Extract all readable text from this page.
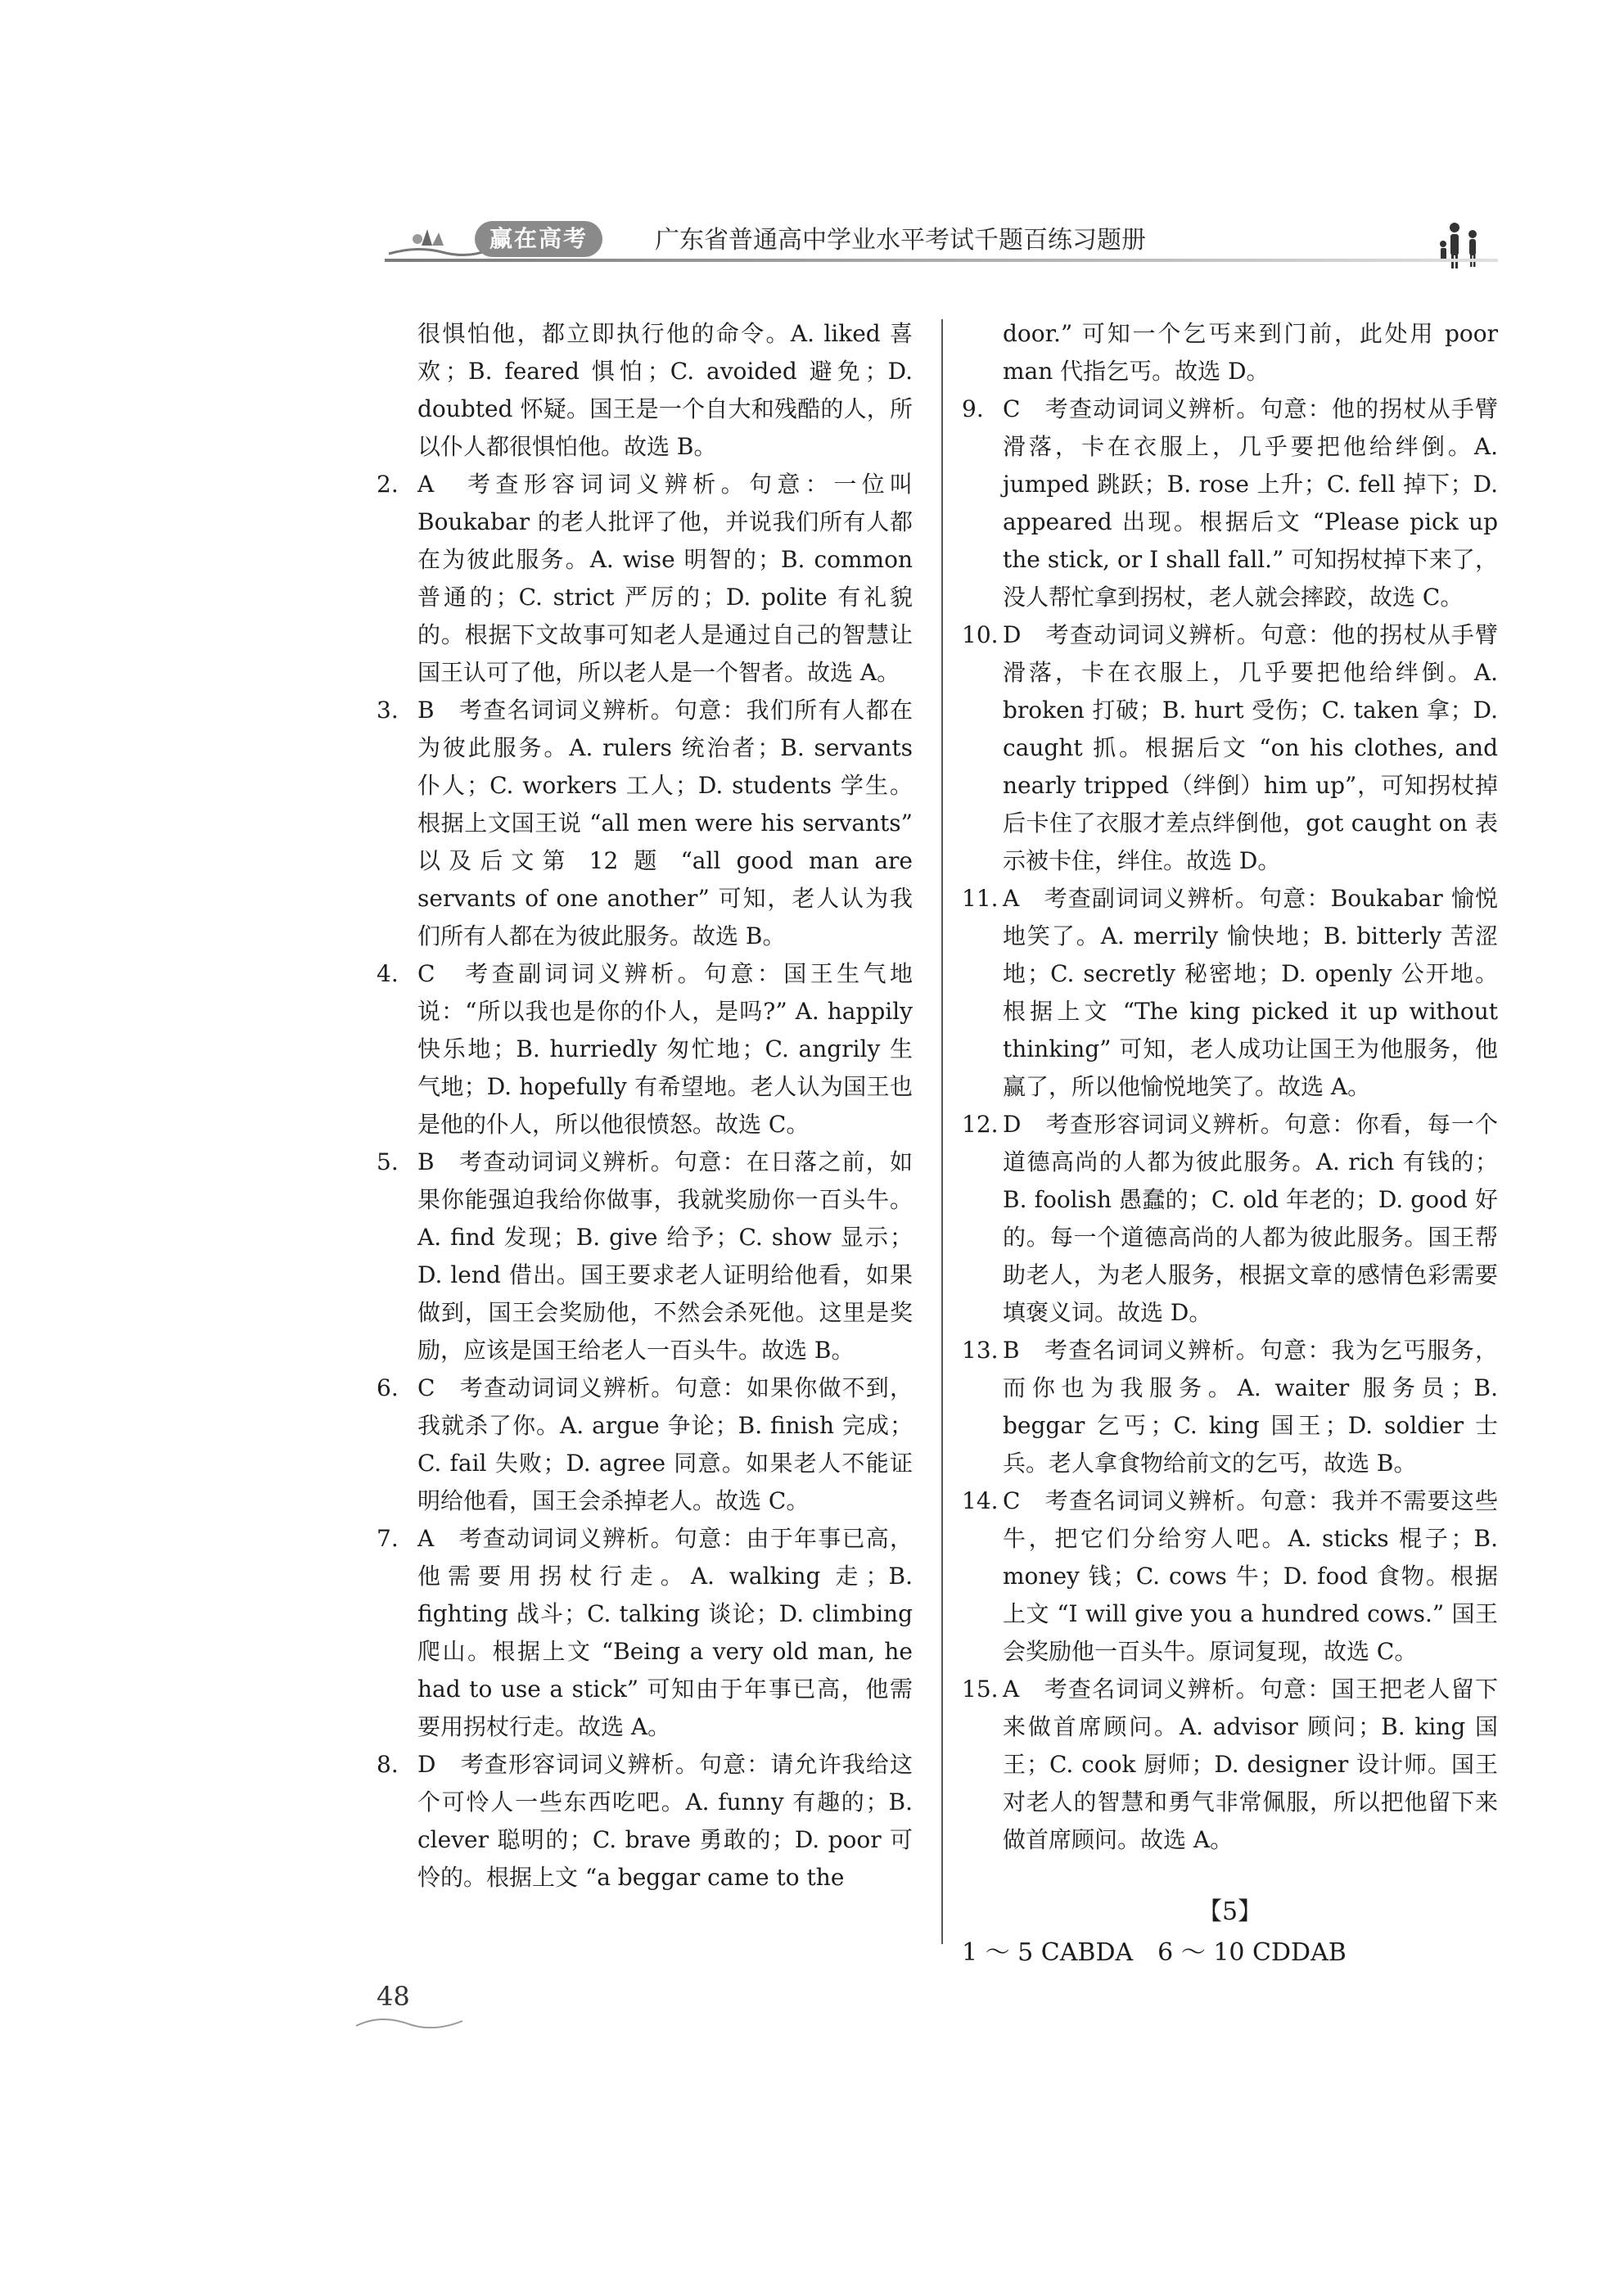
赢在高考	广东省普通高中学业水平考试千题百练习题册

很惧怕他，都立即执行他的命令。A. liked 喜欢；B. feared 惧怕；C. avoided 避免；D. doubted 怀疑。国王是一个自大和残酷的人，所以仆人都很惧怕他。故选 B。

2. A　考查形容词词义辨析。句意：一位叫 Boukabar 的老人批评了他，并说我们所有人都在为彼此服务。A. wise 明智的；B. common 普通的；C. strict 严厉的；D. polite 有礼貌的。根据下文故事可知老人是通过自己的智慧让国王认可了他，所以老人是一个智者。故选 A。
3. B　考查名词词义辨析。句意：我们所有人都在为彼此服务。A. rulers 统治者；B. servants 仆人；C. workers 工人；D. students 学生。根据上文国王说 “all men were his servants” 以及后文第 12 题 “all good man are servants of one another” 可知，老人认为我们所有人都在为彼此服务。故选 B。
4. C　考查副词词义辨析。句意：国王生气地说：“所以我也是你的仆人，是吗?” A. happily 快乐地；B. hurriedly 匆忙地；C. angrily 生气地；D. hopefully 有希望地。老人认为国王也是他的仆人，所以他很愤怒。故选 C。
5. B　考查动词词义辨析。句意：在日落之前，如果你能强迫我给你做事，我就奖励你一百头牛。A. find 发现；B. give 给予；C. show 显示；D. lend 借出。国王要求老人证明给他看，如果做到，国王会奖励他，不然会杀死他。这里是奖励，应该是国王给老人一百头牛。故选 B。
6. C　考查动词词义辨析。句意：如果你做不到，我就杀了你。A. argue 争论；B. finish 完成；C. fail 失败；D. agree 同意。如果老人不能证明给他看，国王会杀掉老人。故选 C。
7. A　考查动词词义辨析。句意：由于年事已高，他需要用拐杖行走。A. walking 走；B. fighting 战斗；C. talking 谈论；D. climbing 爬山。根据上文 “Being a very old man, he had to use a stick” 可知由于年事已高，他需要用拐杖行走。故选 A。
8. D　考查形容词词义辨析。句意：请允许我给这个可怜人一些东西吃吧。A. funny 有趣的；B. clever 聪明的；C. brave 勇敢的；D. poor 可怜的。根据上文 “a beggar came to the

door.” 可知一个乞丐来到门前，此处用 poor man 代指乞丐。故选 D。

9. C　考查动词词义辨析。句意：他的拐杖从手臂滑落，卡在衣服上，几乎要把他给绊倒。A. jumped 跳跃；B. rose 上升；C. fell 掉下；D. appeared 出现。根据后文 “Please pick up the stick, or I shall fall.” 可知拐杖掉下来了，没人帮忙拿到拐杖，老人就会摔跤，故选 C。
10. D　考查动词词义辨析。句意：他的拐杖从手臂滑落，卡在衣服上，几乎要把他给绊倒。A. broken 打破；B. hurt 受伤；C. taken 拿；D. caught 抓。根据后文 “on his clothes, and nearly tripped（绊倒）him up”，可知拐杖掉后卡住了衣服才差点绊倒他，got caught on 表示被卡住，绊住。故选 D。
11. A　考查副词词义辨析。句意：Boukabar 愉悦地笑了。A. merrily 愉快地；B. bitterly 苦涩地；C. secretly 秘密地；D. openly 公开地。根据上文 “The king picked it up without thinking” 可知，老人成功让国王为他服务，他赢了，所以他愉悦地笑了。故选 A。
12. D　考查形容词词义辨析。句意：你看，每一个道德高尚的人都为彼此服务。A. rich 有钱的；B. foolish 愚蠢的；C. old 年老的；D. good 好的。每一个道德高尚的人都为彼此服务。国王帮助老人，为老人服务，根据文章的感情色彩需要填褒义词。故选 D。
13. B　考查名词词义辨析。句意：我为乞丐服务，而你也为我服务。A. waiter 服务员；B. beggar 乞丐；C. king 国王；D. soldier 士兵。老人拿食物给前文的乞丐，故选 B。
14. C　考查名词词义辨析。句意：我并不需要这些牛，把它们分给穷人吧。A. sticks 棍子；B. money 钱；C. cows 牛；D. food 食物。根据上文 “I will give you a hundred cows.” 国王会奖励他一百头牛。原词复现，故选 C。
15. A　考查名词词义辨析。句意：国王把老人留下来做首席顾问。A. advisor 顾问；B. king 国王；C. cook 厨师；D. designer 设计师。国王对老人的智慧和勇气非常佩服，所以把他留下来做首席顾问。故选 A。
【5】
1 ～ 5 CABDA　6 ～ 10 CDDAB
48
